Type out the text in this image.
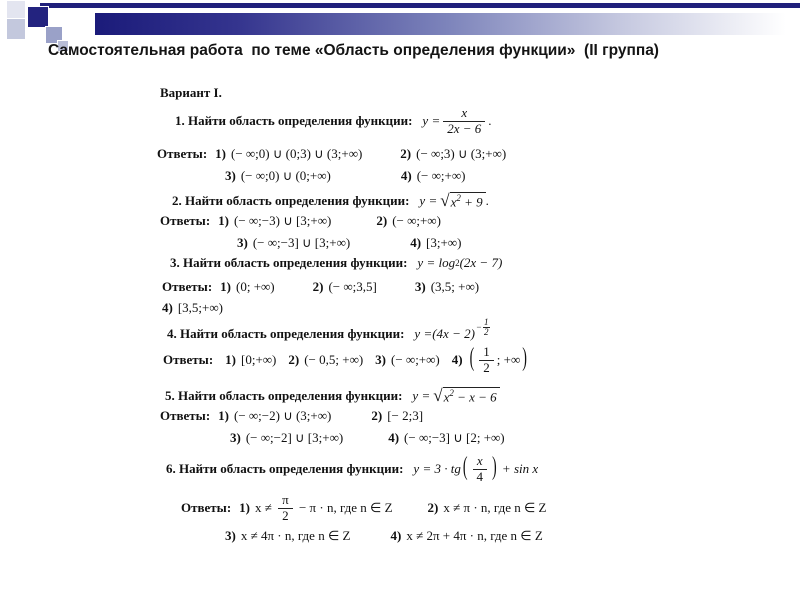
Самостоятельная работа  по теме «Область определения функции»  (II группа)
Вариант I.
1.
Найти область определения функции: $y = \frac{x}{2x - 6}$ .
Ответы: 1) (− ∞;0) ∪ (0;3) ∪ (3;+∞)	2) (− ∞;3) ∪ (3;+∞)
3) (− ∞;0) ∪ (0;+∞)	4) (− ∞;+∞)
2.
Найти область определения функции: y = √ $x^2 + 9$ .
Ответы: 1) (− ∞;−3) ∪ [3;+∞)	2) (− ∞;+∞)
3) (− ∞;−3] ∪ [3;+∞)	4) [3;+∞)
3.
Найти область определения функции: y = log 2 (2x − 7)
Ответы: 1) (0; +∞)	2) (− ∞;3,5]	3) (3,5; +∞)
4) [3,5;+∞)
4.
Найти область определения функции: $y = (4x - 2) - \frac{1}{2}$
Ответы: 1) [0;+∞) 2) (− 0,5; +∞) 3) (− ∞;+∞) 4) ( $\frac{1}{2}$ ; +∞ )
5.
Найти область определения функции: y = √ $x^2 - x - 6$
Ответы: 1) (− ∞;−2) ∪ (3;+∞)	2) [− 2;3]
3) (− ∞;−2] ∪ [3;+∞)	4) (− ∞;−3] ∪ [2; +∞)
6.
Найти область определения функции: y = 3 · tg ( $\frac{x}{4}$ ) + sin x
Ответы: 1) $x \ne \frac{\pi}{2} - \pi \cdot n$, где n ∈ Z	2) x ≠ π · n, где n ∈ Z
3) x ≠ 4π · n, где n ∈ Z	4) x ≠ 2π + 4π · n, где n ∈ Z
